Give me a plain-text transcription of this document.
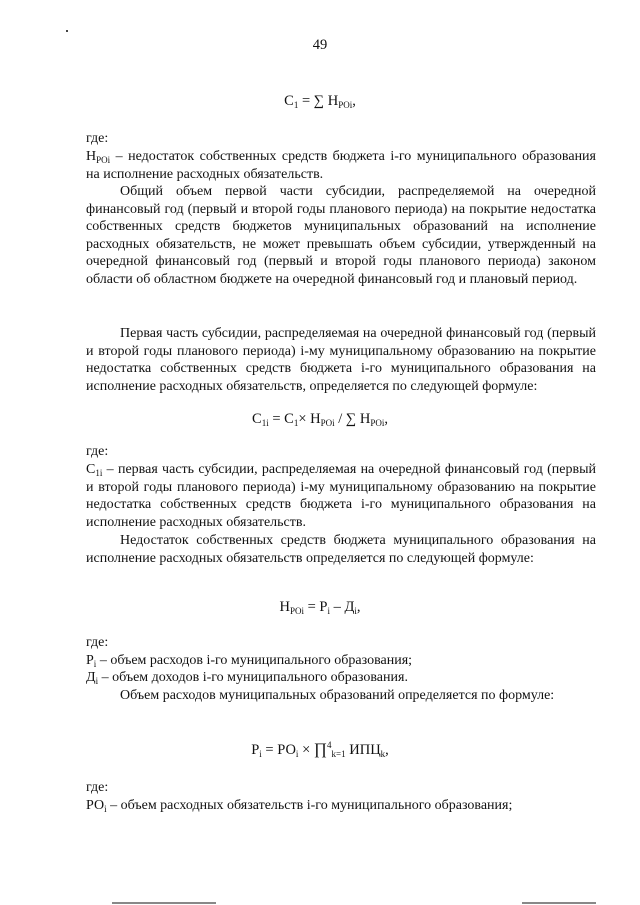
49
$С_1$ = ∑ $Н_{POi}$,
где:
$Н_{POi}$ – недостаток собственных средств бюджета i-го муниципального образования на исполнение расходных обязательств.
Общий объем первой части субсидии, распределяемой на очередной финансовый год (первый и второй годы планового периода) на покрытие недостатка собственных средств бюджетов муниципальных образований на исполнение расходных обязательств, не может превышать объем субсидии, утвержденный на очередной финансовый год (первый и второй годы планового периода) законом области об областном бюджете на очередной финансовый год и плановый период.
Первая часть субсидии, распределяемая на очередной финансовый год (первый и второй годы планового периода) i-му муниципальному образованию на покрытие недостатка собственных средств бюджета i-го муниципального образования на исполнение расходных обязательств, определяется по следующей формуле:
$С_{1i} = С_1\times Н_{POi}$ / ∑ $Н_{POi}$,
где:
$С_{1i}$ – первая часть субсидии, распределяемая на очередной финансовый год (первый и второй годы планового периода) i-му муниципальному образованию на покрытие недостатка собственных средств бюджета i-го муниципального образования на исполнение расходных обязательств.
Недостаток собственных средств бюджета муниципального образования на исполнение расходных обязательств определяется по следующей формуле:
$Н_{POi} = Р_i - Д_i$,
где:
$Р_i$ – объем расходов i-го муниципального образования;
$Д_i$ – объем доходов i-го муниципального образования.
Объем расходов муниципальных образований определяется по формуле:
$Р_i = РО_i$ × ∏$^4_{k=1}$ $ИПЦ_k$,
где:
$РО_i$ – объем расходных обязательств i-го муниципального образования;
